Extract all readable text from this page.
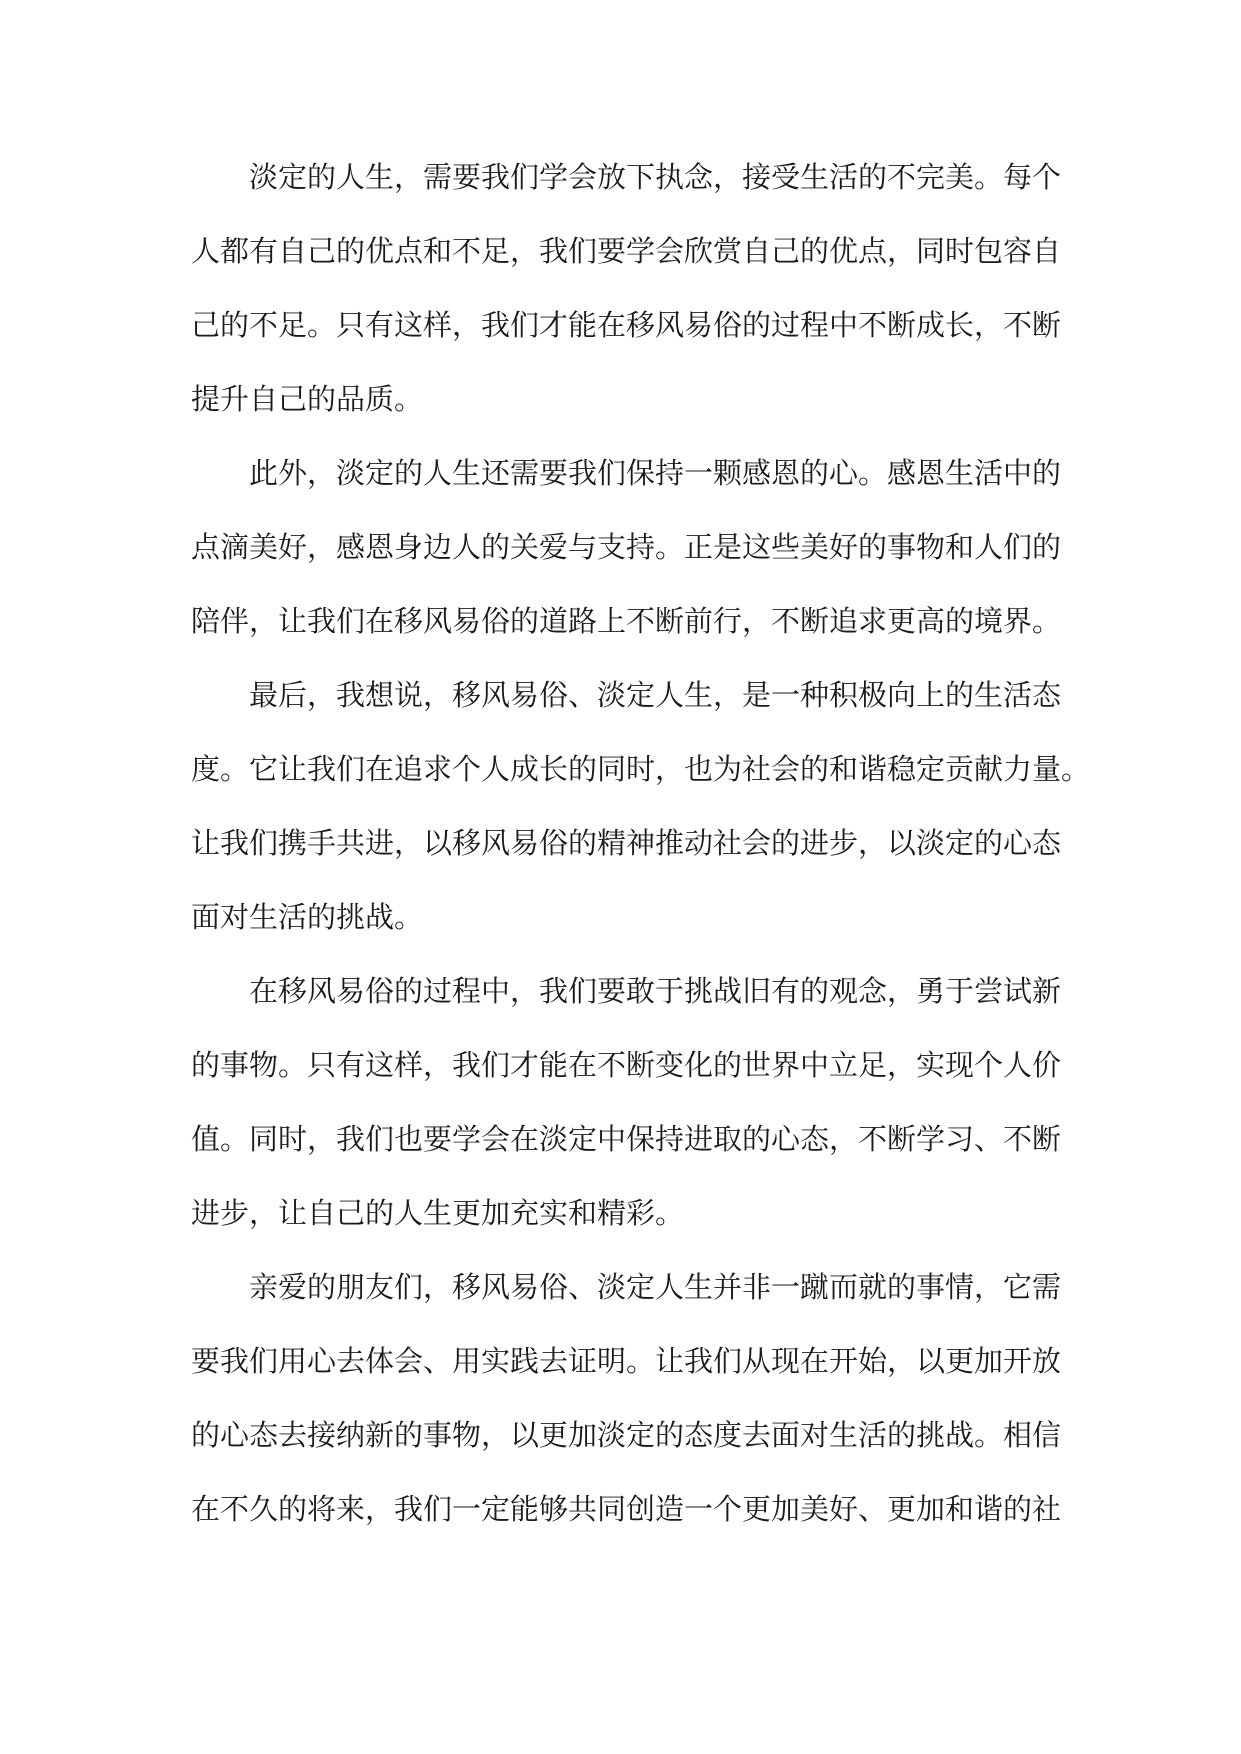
淡定的人生，需要我们学会放下执念，接受生活的不完美。每个
人都有自己的优点和不足，我们要学会欣赏自己的优点，同时包容自
己的不足。只有这样，我们才能在移风易俗的过程中不断成长，不断
提升自己的品质。
此外，淡定的人生还需要我们保持一颗感恩的心。感恩生活中的
点滴美好，感恩身边人的关爱与支持。正是这些美好的事物和人们的
陪伴，让我们在移风易俗的道路上不断前行，不断追求更高的境界。
最后，我想说，移风易俗、淡定人生，是一种积极向上的生活态
度。它让我们在追求个人成长的同时，也为社会的和谐稳定贡献力量。
让我们携手共进，以移风易俗的精神推动社会的进步，以淡定的心态
面对生活的挑战。
在移风易俗的过程中，我们要敢于挑战旧有的观念，勇于尝试新
的事物。只有这样，我们才能在不断变化的世界中立足，实现个人价
值。同时，我们也要学会在淡定中保持进取的心态，不断学习、不断
进步，让自己的人生更加充实和精彩。
亲爱的朋友们，移风易俗、淡定人生并非一蹴而就的事情，它需
要我们用心去体会、用实践去证明。让我们从现在开始，以更加开放
的心态去接纳新的事物，以更加淡定的态度去面对生活的挑战。相信
在不久的将来，我们一定能够共同创造一个更加美好、更加和谐的社
